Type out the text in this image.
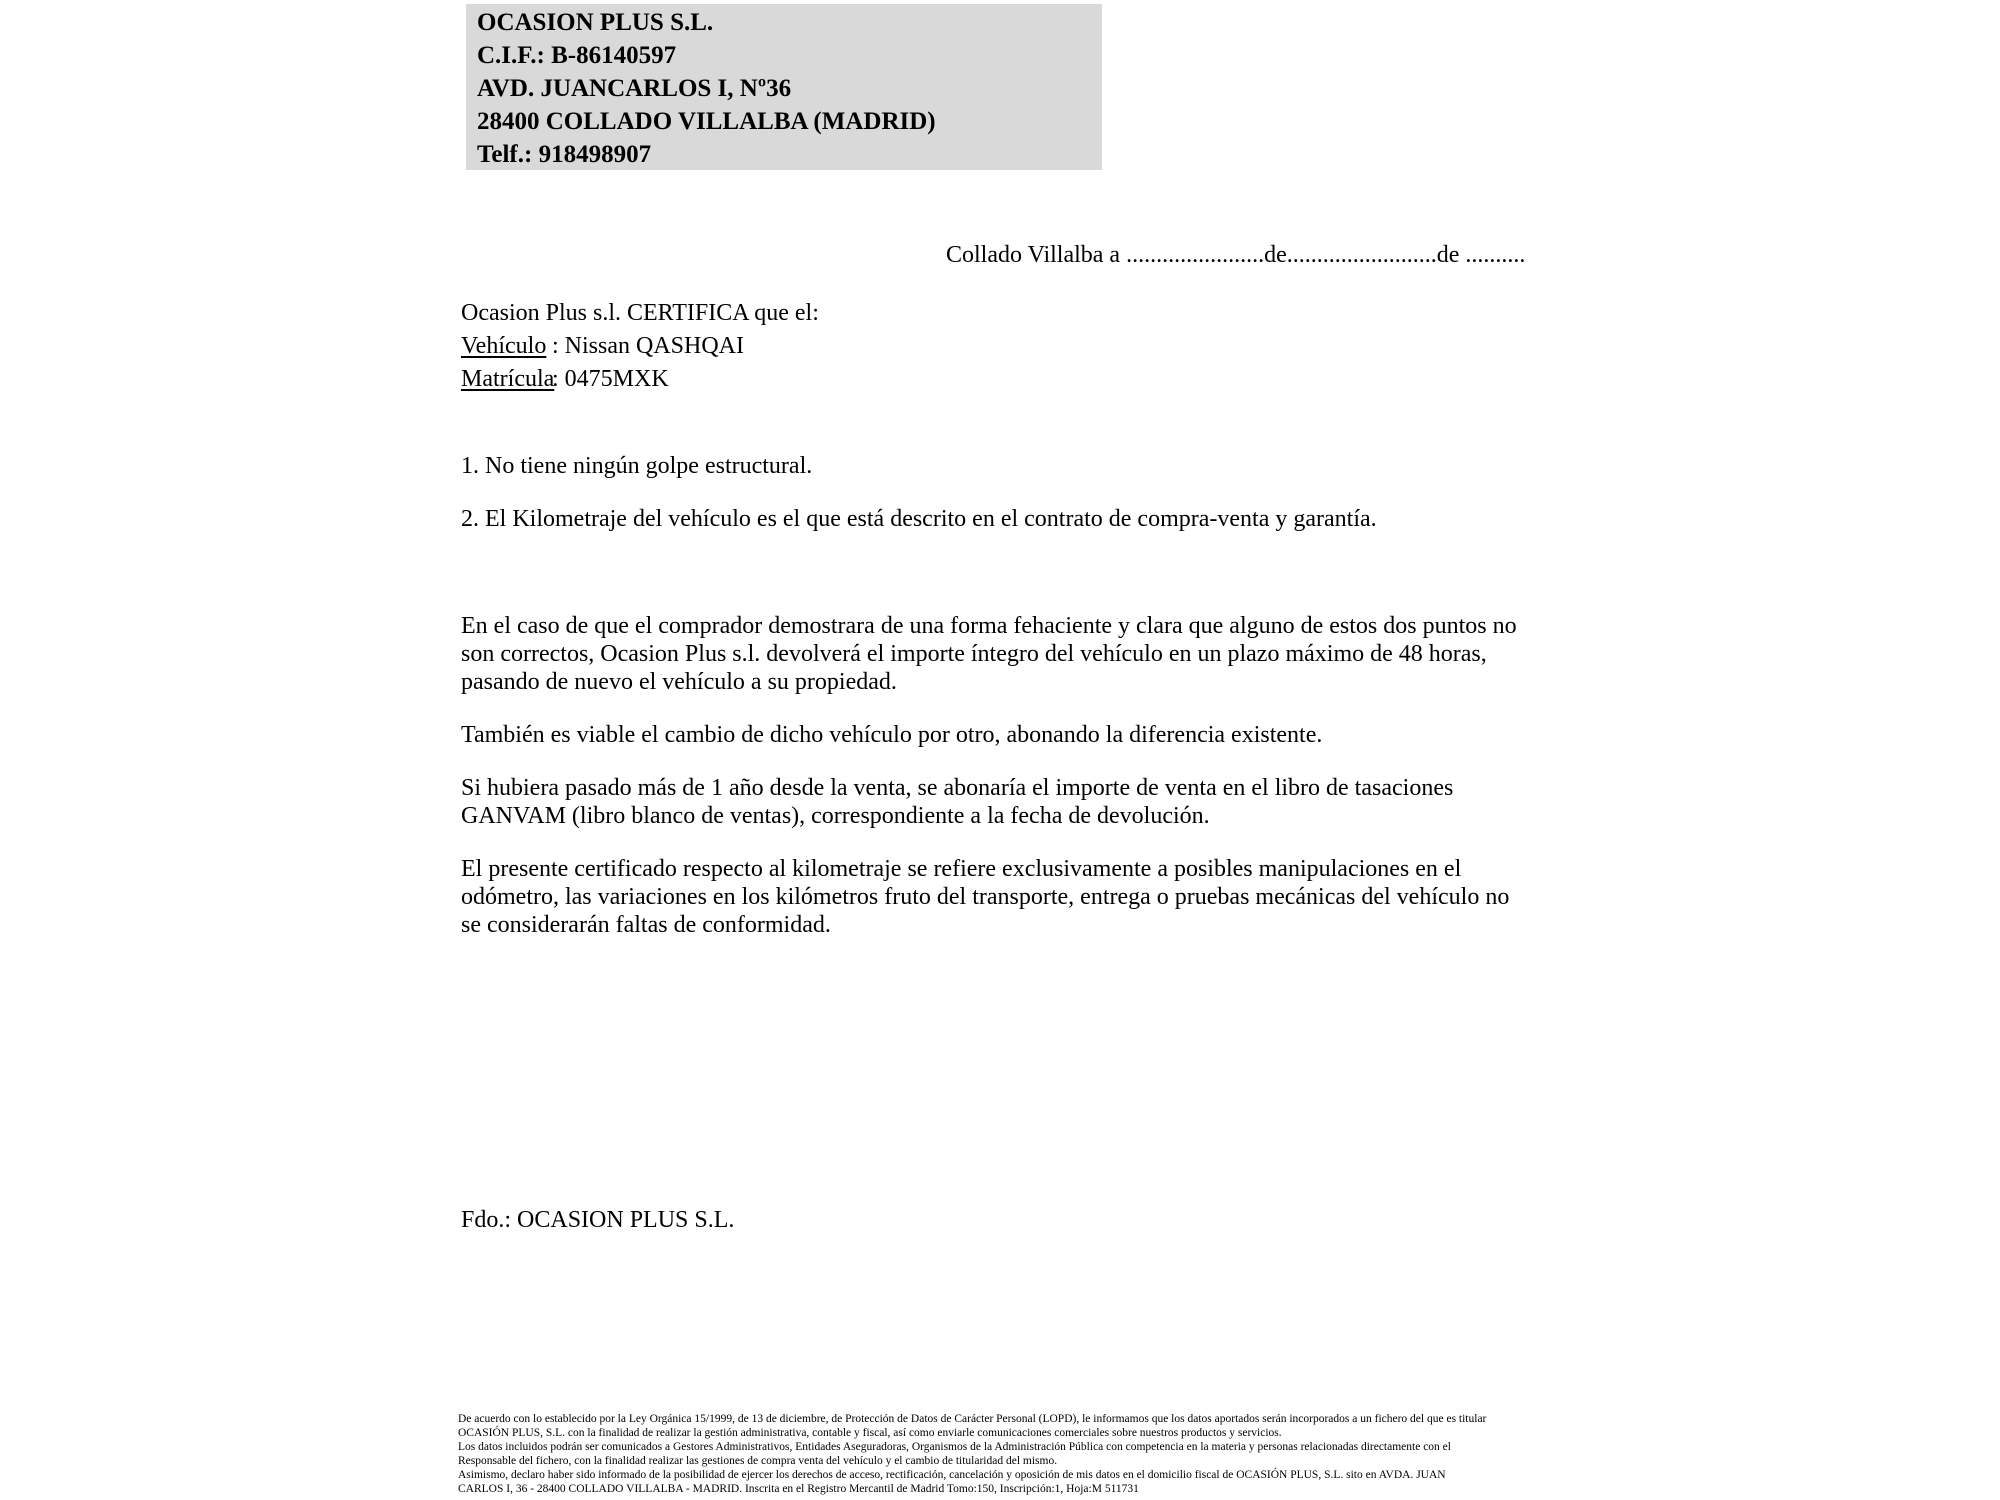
OCASION PLUS S.L.
C.I.F.: B-86140597
AVD. JUANCARLOS I, Nº36
28400 COLLADO VILLALBA (MADRID)
Telf.: 918498907
Collado Villalba a .......................de.........................de ..........
Ocasion Plus s.l. CERTIFICA que el:
Vehículo : Nissan QASHQAI
Matrícula: 0475MXK
1. No tiene ningún golpe estructural.
2. El Kilometraje del vehículo es el que está descrito en el contrato de compra-venta y garantía.

En el caso de que el comprador demostrara de una forma fehaciente y clara que alguno de estos dos puntos no son correctos, Ocasion Plus s.l. devolverá el importe íntegro del vehículo en un plazo máximo de 48 horas, pasando de nuevo el vehículo a su propiedad.

También es viable el cambio de dicho vehículo por otro, abonando la diferencia existente.

Si hubiera pasado más de 1 año desde la venta, se abonaría el importe de venta en el libro de tasaciones GANVAM (libro blanco de ventas), correspondiente a la fecha de devolución.

El presente certificado respecto al kilometraje se refiere exclusivamente a posibles manipulaciones en el odómetro, las variaciones en los kilómetros fruto del transporte, entrega o pruebas mecánicas del vehículo no se considerarán faltas de conformidad.

Fdo.: OCASION PLUS S.L.
De acuerdo con lo establecido por la Ley Orgánica 15/1999, de 13 de diciembre, de Protección de Datos de Carácter Personal (LOPD), le informamos que los datos aportados serán incorporados a un fichero del que es titular
OCASIÓN PLUS, S.L. con la finalidad de realizar la gestión administrativa, contable y fiscal, así como enviarle comunicaciones comerciales sobre nuestros productos y servicios.
Los datos incluidos podrán ser comunicados a Gestores Administrativos, Entidades Aseguradoras, Organismos de la Administración Pública con competencia en la materia y personas relacionadas directamente con el
Responsable del fichero, con la finalidad realizar las gestiones de compra venta del vehículo y el cambio de titularidad del mismo.
Asimismo, declaro haber sido informado de la posibilidad de ejercer los derechos de acceso, rectificación, cancelación y oposición de mis datos en el domicilio fiscal de OCASIÓN PLUS, S.L. sito en AVDA. JUAN
CARLOS I, 36 - 28400 COLLADO VILLALBA - MADRID. Inscrita en el Registro Mercantil de Madrid Tomo:150, Inscripción:1, Hoja:M 511731
